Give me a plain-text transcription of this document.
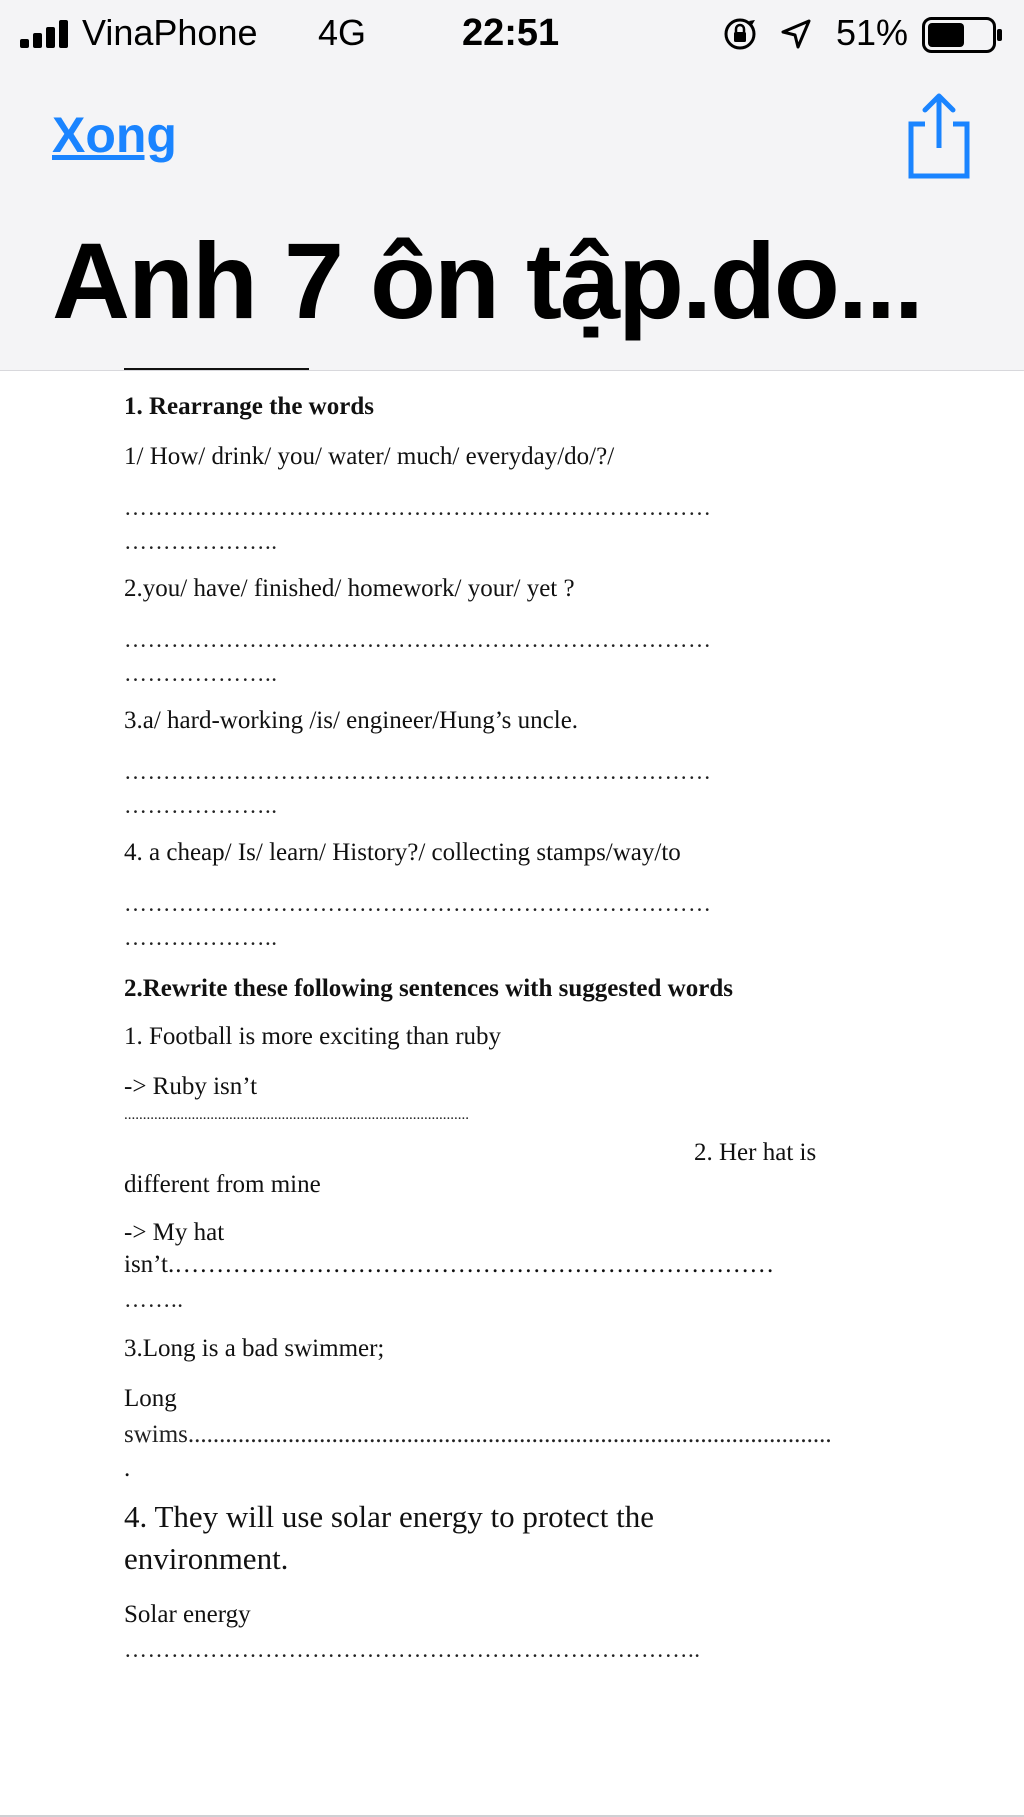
VinaPhone 4G	22:51	51%
Xong
Anh 7 ôn tập.do...
1. Rearrange the words
1/ How/ drink/ you/ water/ much/ everyday/do/?/
…………………………………………………………………
………………..
2.you/ have/ finished/ homework/ your/ yet ?
…………………………………………………………………
………………..
3.a/ hard-working /is/ engineer/Hung’s uncle.
…………………………………………………………………
………………..
4. a cheap/ Is/ learn/ History?/ collecting stamps/way/to
…………………………………………………………………
………………..
2.Rewrite these following sentences with suggested words
1. Football is more exciting than ruby
-> Ruby isn’t
............................................................................................
2. Her hat is
different from mine
-> My hat
isn’t.………………………………………………………………
……..
3.Long is a bad swimmer;
Long
swims.......................................................................................................
.
4. They will use solar energy to protect the
environment.
Solar energy
………………………………………………………………..
